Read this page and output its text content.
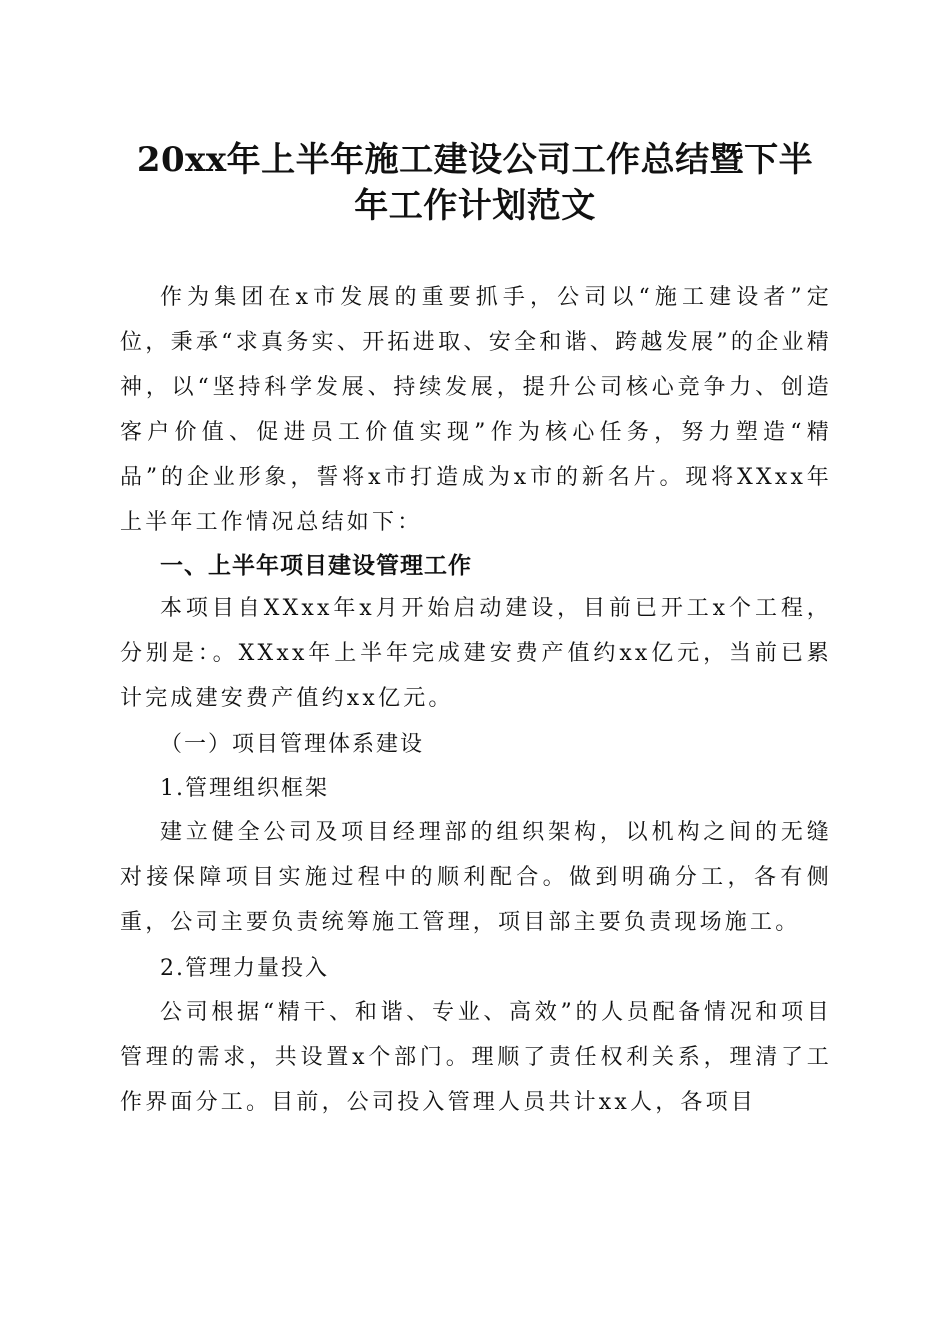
20xx年上半年施工建设公司工作总结暨下半
年工作计划范文

作为集团在x市发展的重要抓手，公司以“施工建设者”定位，秉承“求真务实、开拓进取、安全和谐、跨越发展”的企业精神，以“坚持科学发展、持续发展，提升公司核心竞争力、创造客户价值、促进员工价值实现”作为核心任务，努力塑造“精品”的企业形象，誓将x市打造成为x市的新名片。现将XXxx年上半年工作情况总结如下：

一、上半年项目建设管理工作

本项目自XXxx年x月开始启动建设，目前已开工x个工程，分别是：。XXxx年上半年完成建安费产值约xx亿元，当前已累计完成建安费产值约xx亿元。

（一）项目管理体系建设

1.管理组织框架

建立健全公司及项目经理部的组织架构，以机构之间的无缝对接保障项目实施过程中的顺利配合。做到明确分工，各有侧重，公司主要负责统筹施工管理，项目部主要负责现场施工。

2.管理力量投入

公司根据“精干、和谐、专业、高效”的人员配备情况和项目管理的需求，共设置x个部门。理顺了责任权利关系，理清了工作界面分工。目前，公司投入管理人员共计xx人，各项目
